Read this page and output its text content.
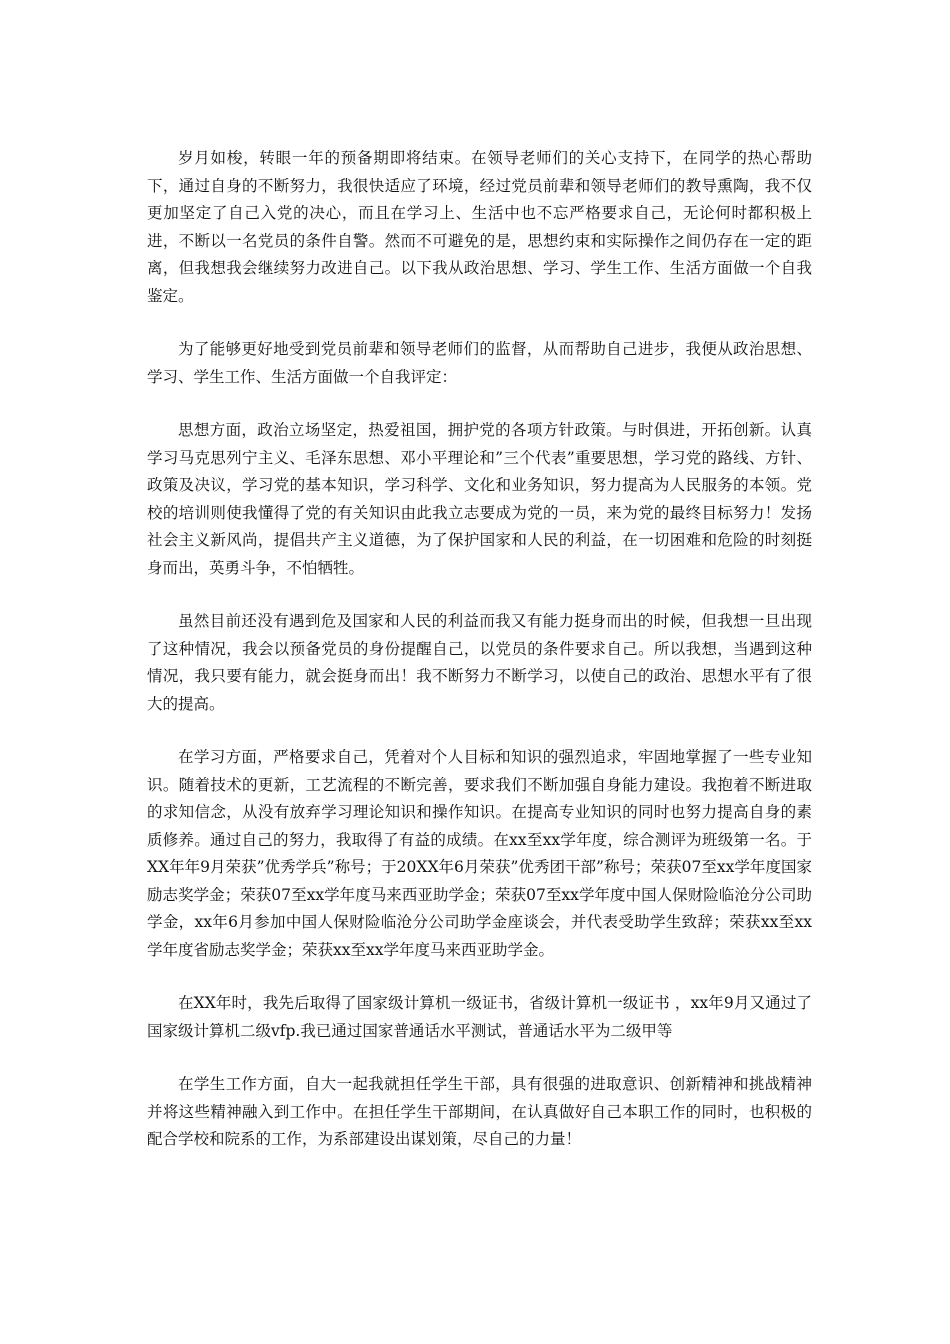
岁月如梭，转眼一年的预备期即将结束。在领导老师们的关心支持下，在同学的热心帮助下，通过自身的不断努力，我很快适应了环境，经过党员前辈和领导老师们的教导熏陶，我不仅更加坚定了自己入党的决心，而且在学习上、生活中也不忘严格要求自己，无论何时都积极上进，不断以一名党员的条件自警。然而不可避免的是，思想约束和实际操作之间仍存在一定的距离，但我想我会继续努力改进自己。以下我从政治思想、学习、学生工作、生活方面做一个自我鉴定。

为了能够更好地受到党员前辈和领导老师们的监督，从而帮助自己进步，我便从政治思想、学习、学生工作、生活方面做一个自我评定：

思想方面，政治立场坚定，热爱祖国，拥护党的各项方针政策。与时俱进，开拓创新。认真学习马克思列宁主义、毛泽东思想、邓小平理论和”三个代表”重要思想，学习党的路线、方针、政策及决议，学习党的基本知识，学习科学、文化和业务知识，努力提高为人民服务的本领。党校的培训则使我懂得了党的有关知识由此我立志要成为党的一员，来为党的最终目标努力！发扬社会主义新风尚，提倡共产主义道德，为了保护国家和人民的利益，在一切困难和危险的时刻挺身而出，英勇斗争，不怕牺牲。

虽然目前还没有遇到危及国家和人民的利益而我又有能力挺身而出的时候，但我想一旦出现了这种情况，我会以预备党员的身份提醒自己，以党员的条件要求自己。所以我想，当遇到这种情况，我只要有能力，就会挺身而出！我不断努力不断学习，以使自己的政治、思想水平有了很大的提高。

在学习方面，严格要求自己，凭着对个人目标和知识的强烈追求，牢固地掌握了一些专业知识。随着技术的更新，工艺流程的不断完善，要求我们不断加强自身能力建设。我抱着不断进取的求知信念，从没有放弃学习理论知识和操作知识。在提高专业知识的同时也努力提高自身的素质修养。通过自己的努力，我取得了有益的成绩。在xx至xx学年度，综合测评为班级第一名。于XX年年9月荣获”优秀学兵”称号；于20XX年6月荣获”优秀团干部”称号；荣获07至xx学年度国家励志奖学金；荣获07至xx学年度马来西亚助学金；荣获07至xx学年度中国人保财险临沧分公司助学金，xx年6月参加中国人保财险临沧分公司助学金座谈会，并代表受助学生致辞；荣获xx至xx学年度省励志奖学金；荣获xx至xx学年度马来西亚助学金。

在XX年时，我先后取得了国家级计算机一级证书，省级计算机一级证书 ，xx年9月又通过了国家级计算机二级vfp.我已通过国家普通话水平测试，普通话水平为二级甲等

在学生工作方面，自大一起我就担任学生干部，具有很强的进取意识、创新精神和挑战精神并将这些精神融入到工作中。在担任学生干部期间，在认真做好自己本职工作的同时，也积极的配合学校和院系的工作，为系部建设出谋划策，尽自己的力量！
